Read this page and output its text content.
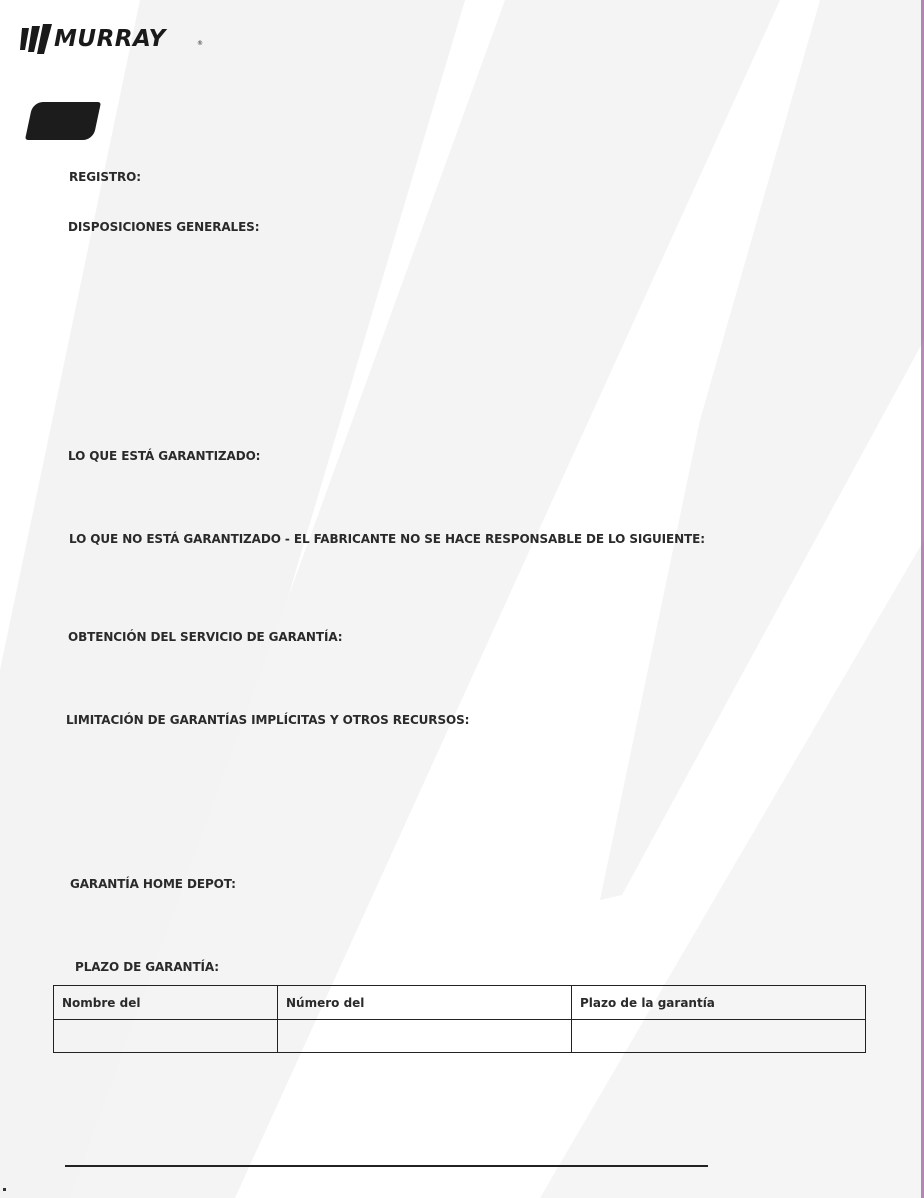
MURRAY	®
REGISTRO:
DISPOSICIONES GENERALES:
LO QUE ESTÁ GARANTIZADO:
LO QUE NO ESTÁ GARANTIZADO - EL FABRICANTE NO SE HACE RESPONSABLE DE LO SIGUIENTE:
OBTENCIÓN DEL SERVICIO DE GARANTÍA:
LIMITACIÓN DE GARANTÍAS IMPLÍCITAS Y OTROS RECURSOS:
GARANTÍA HOME DEPOT:
PLAZO DE GARANTÍA:
Nombre del	Número del	Plazo de la garantía
